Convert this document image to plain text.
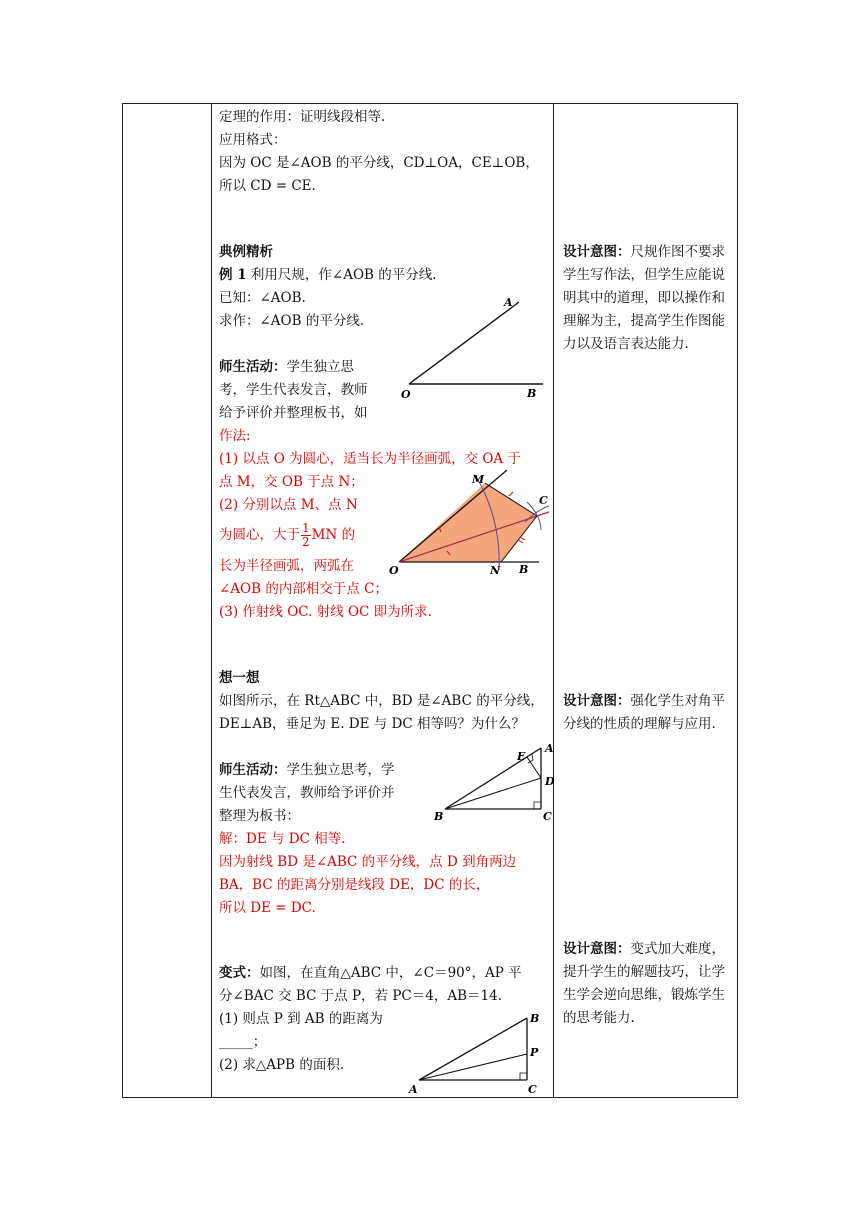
定理的作用：证明线段相等.
应用格式：
因为 OC 是∠AOB 的平分线，CD⊥OA，CE⊥OB，
所以 CD = CE.
典例精析
例 1 利用尺规，作∠AOB 的平分线.
已知：∠AOB.
求作：∠AOB 的平分线.
师生活动：学生独立思
考，学生代表发言，教师
给予评价并整理板书，如
作法:
(1) 以点 O 为圆心，适当长为半径画弧，交 OA 于
点 M，交 OB 于点 N；
(2) 分别以点 M、点 N
为圆心，大于 $\frac{1}{2}$ MN 的
长为半径画弧，两弧在
∠AOB 的内部相交于点 C；
(3) 作射线 OC. 射线 OC 即为所求.
A
O	B
M
C
O	N B
想一想
如图所示，在 Rt△ABC 中，BD 是∠ABC 的平分线，
DE⊥AB，垂足为 E. DE 与 DC 相等吗？为什么？
师生活动：学生独立思考，学
生代表发言，教师给予评价并
整理为板书：
解：DE 与 DC 相等.
因为射线 BD 是∠ABC 的平分线，点 D 到角两边
BA，BC 的距离分别是线段 DE，DC 的长，
所以 DE = DC.
E
A
D
B	C
变式：如图，在直角△ABC 中，∠C＝90°，AP 平
分∠BAC 交 BC 于点 P，若 PC＝4，AB＝14.
(1) 则点 P 到 AB 的距离为
_____；
(2) 求△APB 的面积.
B
P
A	C
设计意图：尺规作图不要求学生写作法，但学生应能说明其中的道理，即以操作和理解为主，提高学生作图能力以及语言表达能力.
设计意图：强化学生对角平分线的性质的理解与应用.
设计意图：变式加大难度，提升学生的解题技巧，让学生学会逆向思维，锻炼学生的思考能力.
